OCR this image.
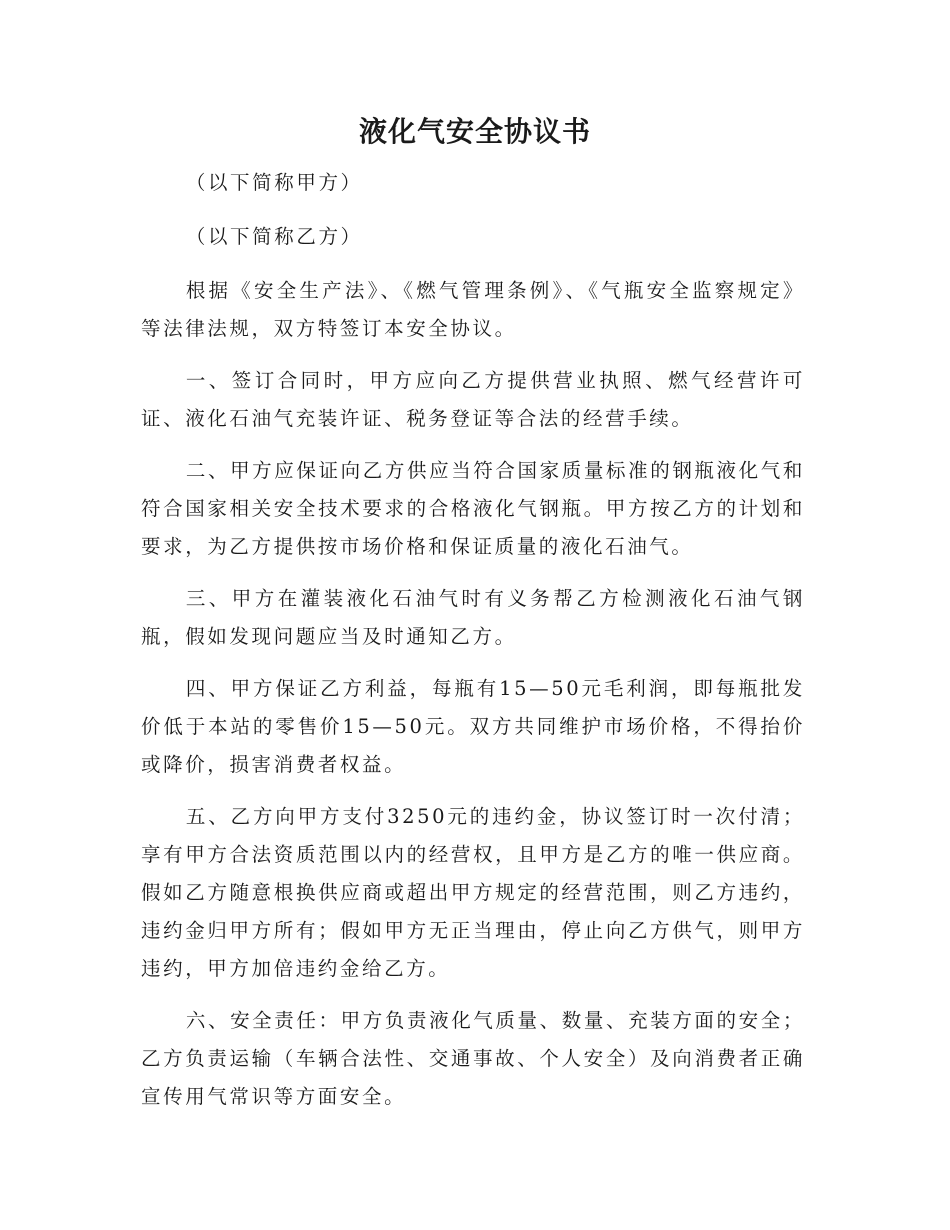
液化气安全协议书

（以下简称甲方）

（以下简称乙方）

根据《安全生产法》、《燃气管理条例》、《气瓶安全监察规定》等法律法规，双方特签订本安全协议。

一、签订合同时，甲方应向乙方提供营业执照、燃气经营许可证、液化石油气充装许证、税务登证等合法的经营手续。

二、甲方应保证向乙方供应当符合国家质量标准的钢瓶液化气和符合国家相关安全技术要求的合格液化气钢瓶。甲方按乙方的计划和要求，为乙方提供按市场价格和保证质量的液化石油气。

三、甲方在灌装液化石油气时有义务帮乙方检测液化石油气钢瓶，假如发现问题应当及时通知乙方。

四、甲方保证乙方利益，每瓶有15—50元毛利润，即每瓶批发价低于本站的零售价15—50元。双方共同维护市场价格，不得抬价或降价，损害消费者权益。

五、乙方向甲方支付3250元的违约金，协议签订时一次付清；享有甲方合法资质范围以内的经营权，且甲方是乙方的唯一供应商。假如乙方随意根换供应商或超出甲方规定的经营范围，则乙方违约，违约金归甲方所有；假如甲方无正当理由，停止向乙方供气，则甲方违约，甲方加倍违约金给乙方。

六、安全责任：甲方负责液化气质量、数量、充装方面的安全；乙方负责运输（车辆合法性、交通事故、个人安全）及向消费者正确宣传用气常识等方面安全。
